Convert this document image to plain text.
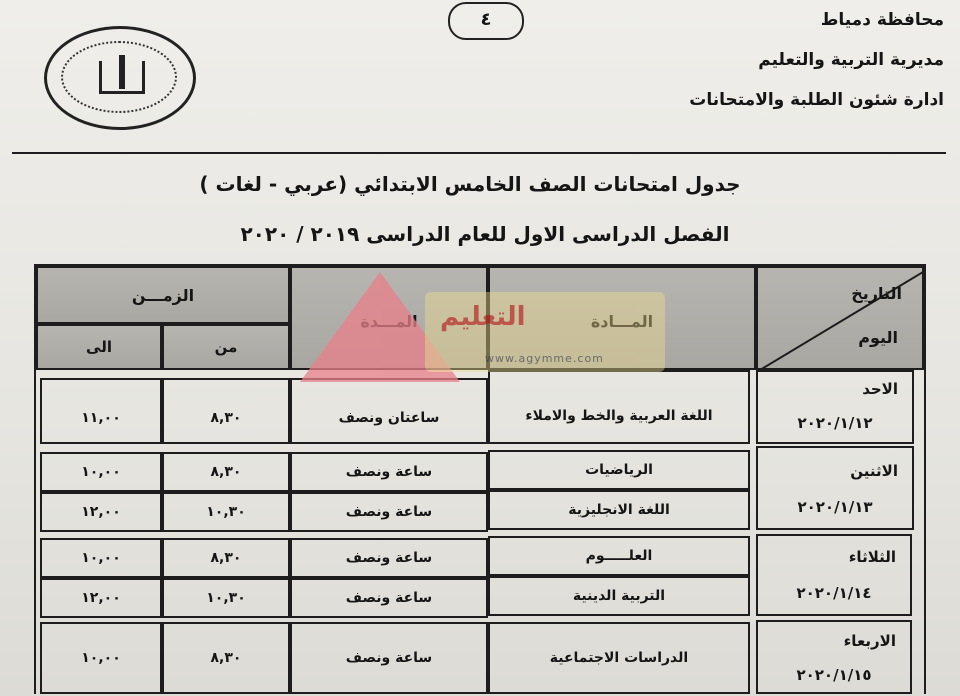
٤	محافظة دمياط
مديرية التربية والتعليم
ادارة شئون الطلبة والامتحانات
جدول امتحانات الصف الخامس الابتدائي (عربي - لغات )
الفصل الدراسى الاول للعام الدراسى ٢٠١٩ / ٢٠٢٠
التاريخ
اليوم
المـــدة
الزمـــن
من
الى
الاحد
٢٠٢٠/١/١٢
اللغة العربية والخط والاملاء
ساعتان ونصف
٨,٣٠
١١,٠٠
الاثنين
٢٠٢٠/١/١٣
الرياضيات
ساعة ونصف
٨,٣٠
١٠,٠٠
اللغة الانجليزية
ساعة ونصف
١٠,٣٠
١٢,٠٠
الثلاثاء
٢٠٢٠/١/١٤
العلـــــوم
ساعة ونصف
٨,٣٠
١٠,٠٠
التربية الدينية
ساعة ونصف
١٠,٣٠
١٢,٠٠
الاربعاء
٢٠٢٠/١/١٥
الدراسات الاجتماعية
ساعة ونصف
٨,٣٠
١٠,٠٠
التعليم
www.agymme.com
